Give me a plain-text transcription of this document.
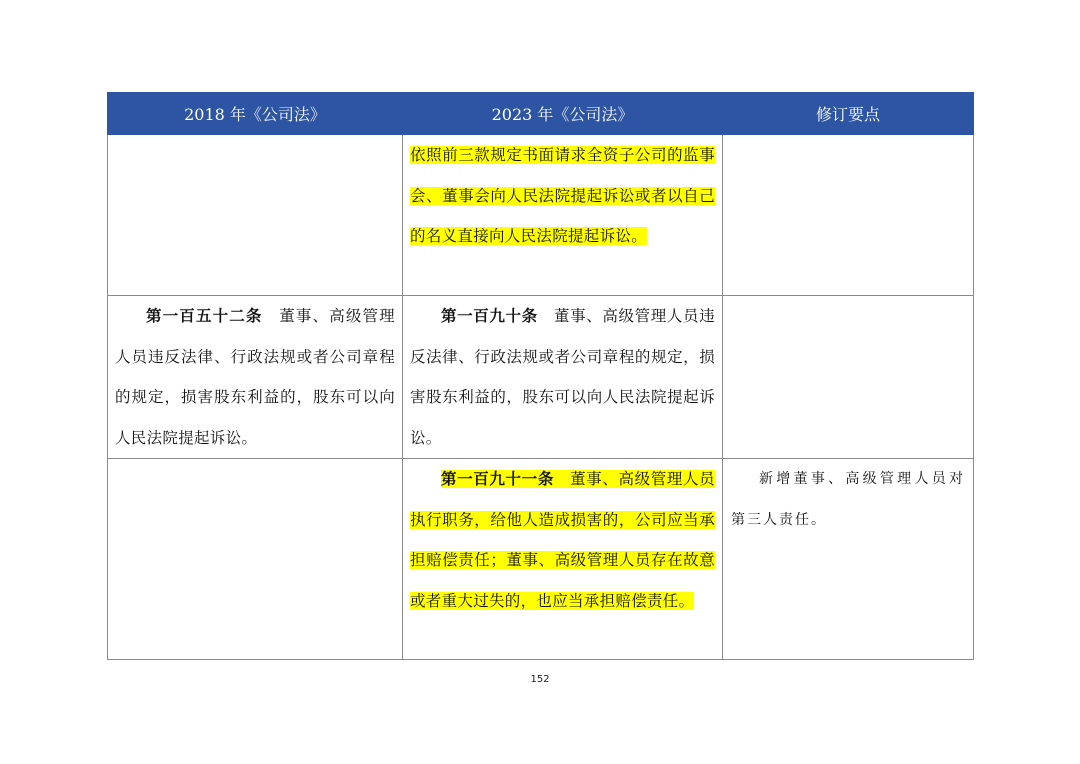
2018 年《公司法》	2023 年《公司法》	修订要点

	依照前三款规定书面请求全资子公司的监事会、董事会向人民法院提起诉讼或者以自己的名义直接向人民法院提起诉讼。	

第一百五十二条　 董事、高级管理人员违反法律、行政法规或者公司章程的规定，损害股东利益的，股东可以向人民法院提起诉讼。	第一百九十条　 董事、高级管理人员违反法律、行政法规或者公司章程的规定，损害股东利益的，股东可以向人民法院提起诉讼。	

	第一百九十一条　 董事、高级管理人员执行职务，给他人造成损害的，公司应当承担赔偿责任；董事、高级管理人员存在故意或者重大过失的，也应当承担赔偿责任。	新增董事、高级管理人员对第三人责任。
152
